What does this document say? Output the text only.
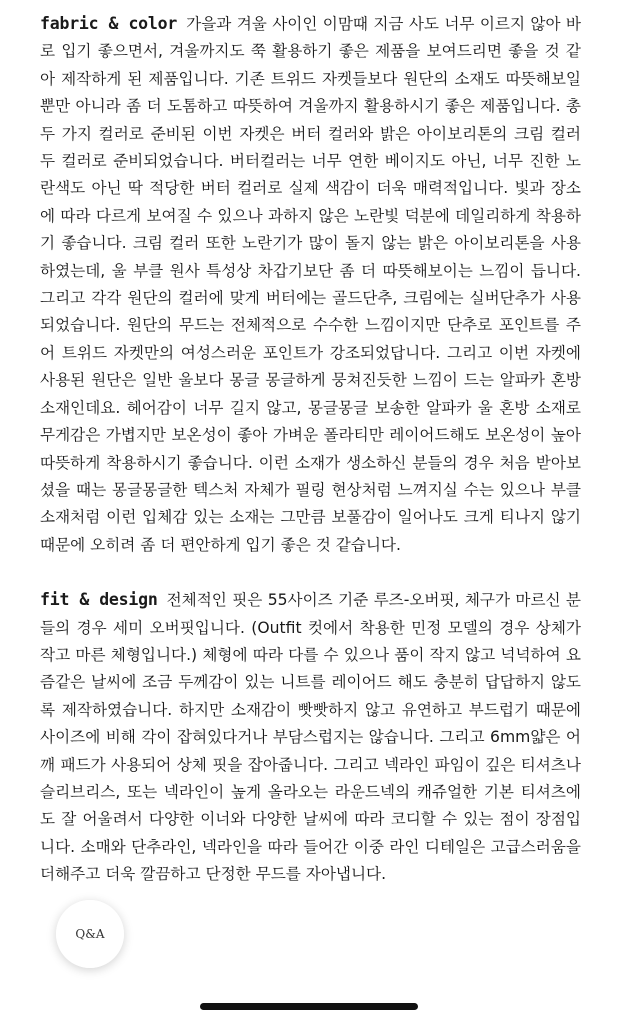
fabric & color 가을과 겨울 사이인 이맘때 지금 사도 너무 이르지 않아 바로 입기 좋으면서, 겨울까지도 쭉 활용하기 좋은 제품을 보여드리면 좋을 것 같아 제작하게 된 제품입니다. 기존 트위드 자켓들보다 원단의 소재도 따뜻해보일 뿐만 아니라 좀 더 도톰하고 따뜻하여 겨울까지 활용하시기 좋은 제품입니다. 총 두 가지 컬러로 준비된 이번 자켓은 버터 컬러와 밝은 아이보리톤의 크림 컬러 두 컬러로 준비되었습니다. 버터컬러는 너무 연한 베이지도 아닌, 너무 진한 노란색도 아닌 딱 적당한 버터 컬러로 실제 색감이 더욱 매력적입니다. 빛과 장소에 따라 다르게 보여질 수 있으나 과하지 않은 노란빛 덕분에 데일리하게 착용하기 좋습니다. 크림 컬러 또한 노란기가 많이 돌지 않는 밝은 아이보리톤을 사용하였는데, 울 부클 원사 특성상 차갑기보단 좀 더 따뜻해보이는 느낌이 듭니다. 그리고 각각 원단의 컬러에 맞게 버터에는 골드단추, 크림에는 실버단추가 사용되었습니다. 원단의 무드는 전체적으로 수수한 느낌이지만 단추로 포인트를 주어 트위드 자켓만의 여성스러운 포인트가 강조되었답니다. 그리고 이번 자켓에 사용된 원단은 일반 울보다 몽글 몽글하게 뭉쳐진듯한 느낌이 드는 알파카 혼방 소재인데요. 헤어감이 너무 길지 않고, 몽글몽글 보송한 알파카 울 혼방 소재로 무게감은 가볍지만 보온성이 좋아 가벼운 폴라티만 레이어드해도 보온성이 높아 따뜻하게 착용하시기 좋습니다. 이런 소재가 생소하신 분들의 경우 처음 받아보셨을 때는 몽글몽글한 텍스처 자체가 필링 현상처럼 느껴지실 수는 있으나 부클 소재처럼 이런 입체감 있는 소재는 그만큼 보풀감이 일어나도 크게 티나지 않기 때문에 오히려 좀 더 편안하게 입기 좋은 것 같습니다.

fit & design 전체적인 핏은 55사이즈 기준 루즈-오버핏, 체구가 마르신 분들의 경우 세미 오버핏입니다. (Outfit 컷에서 착용한 민정 모델의 경우 상체가 작고 마른 체형입니다.) 체형에 따라 다를 수 있으나 품이 작지 않고 넉넉하여 요즘같은 날씨에 조금 두께감이 있는 니트를 레이어드 해도 충분히 답답하지 않도록 제작하였습니다. 하지만 소재감이 빳빳하지 않고 유연하고 부드럽기 때문에 사이즈에 비해 각이 잡혀있다거나 부담스럽지는 않습니다. 그리고 6mm얇은 어깨 패드가 사용되어 상체 핏을 잡아줍니다. 그리고 넥라인 파임이 깊은 티셔츠나 슬리브리스, 또는 넥라인이 높게 올라오는 라운드넥의 캐쥬얼한 기본 티셔츠에도 잘 어울려서 다양한 이너와 다양한 날씨에 따라 코디할 수 있는 점이 장점입니다. 소매와 단추라인, 넥라인을 따라 들어간 이중 라인 디테일은 고급스러움을 더해주고 더욱 깔끔하고 단정한 무드를 자아냅니다.

Q&A
